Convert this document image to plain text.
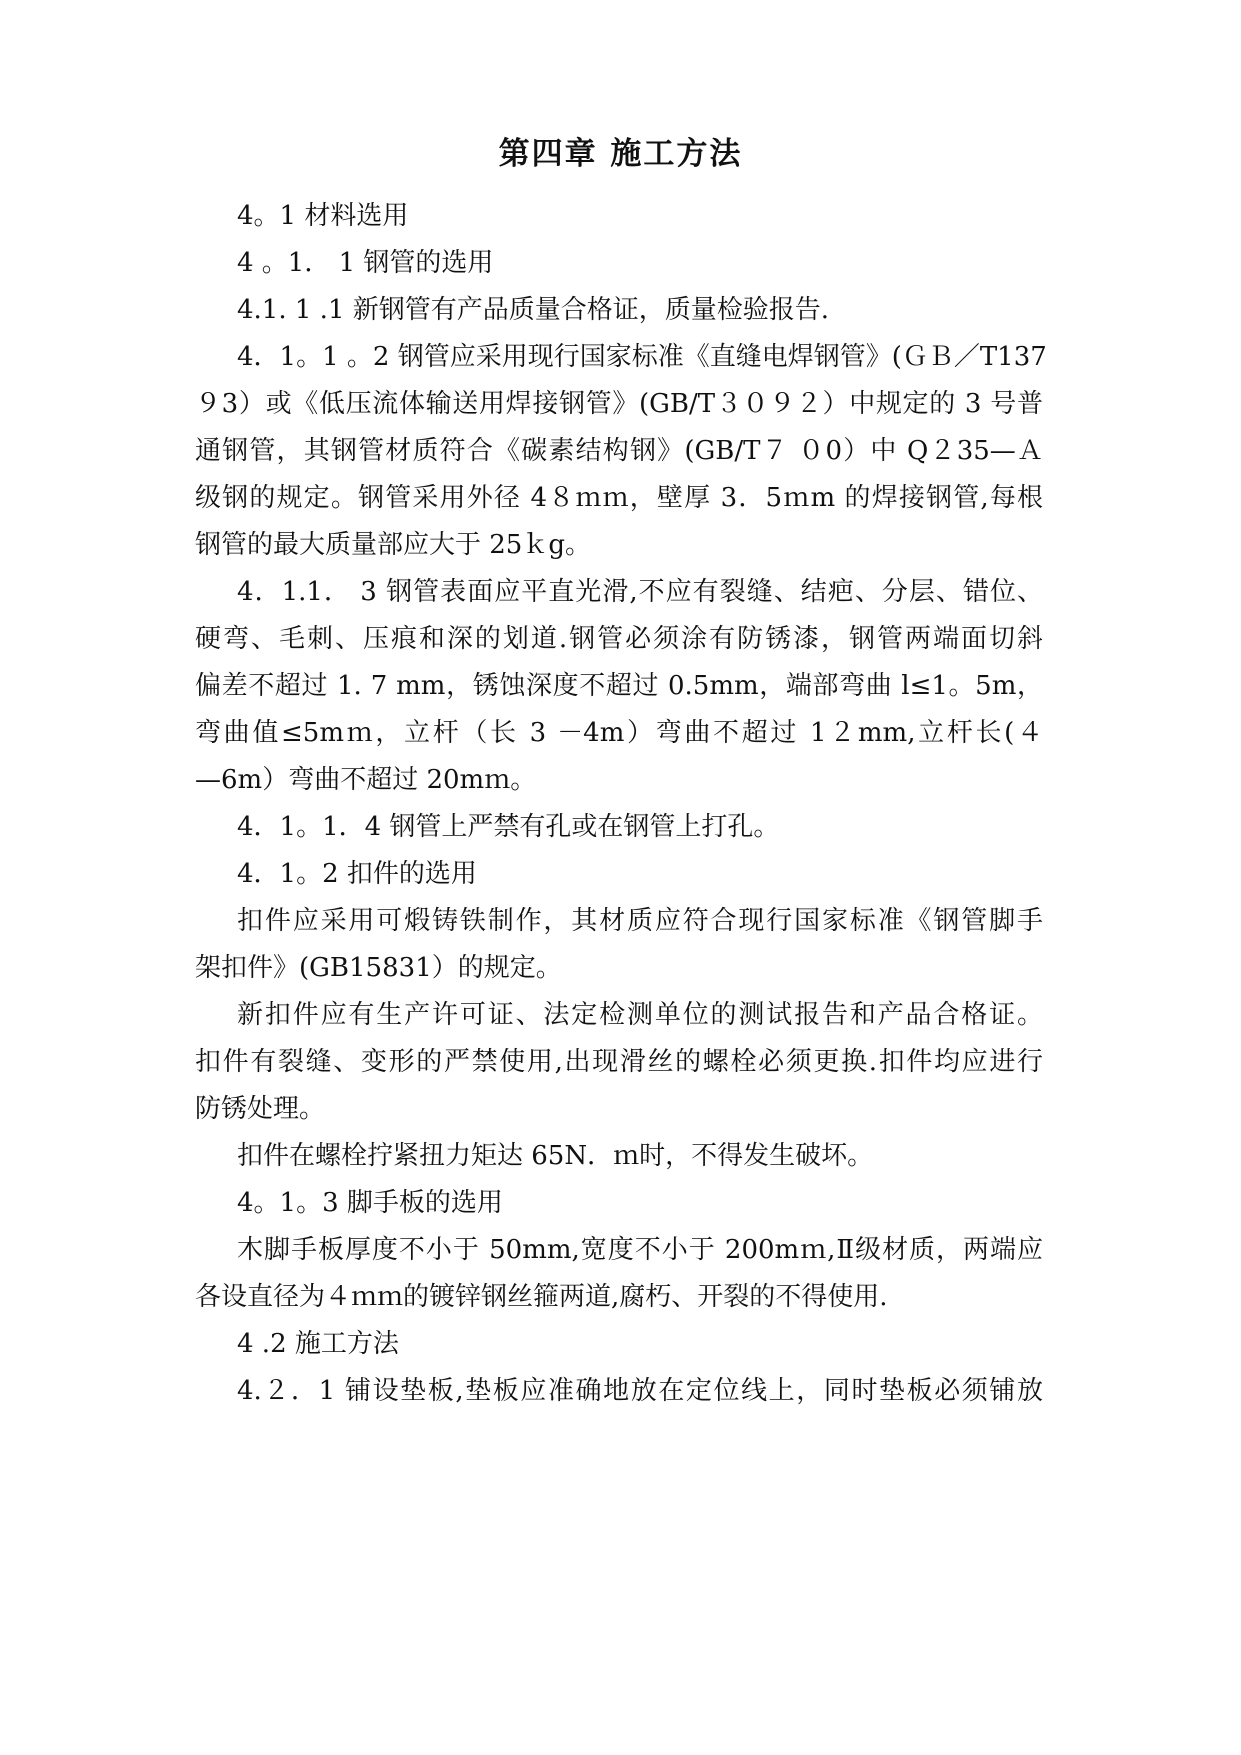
第四章 施工方法

4。1 材料选用

4 。1． 1 钢管的选用

4.1. 1 .1 新钢管有产品质量合格证，质量检验报告.

4．1。1 。2 钢管应采用现行国家标准《直缝电焊钢管》(ＧＢ／T137

９3）或《低压流体输送用焊接钢管》(GB/T３０９２）中规定的 3 号普

通钢管，其钢管材质符合《碳素结构钢》(GB/T７ ０0）中 Q２35—Ａ

级钢的规定。钢管采用外径 4８ｍｍ，壁厚 3．5ｍm 的焊接钢管,每根

钢管的最大质量部应大于 25ｋg。

4．1.1． 3 钢管表面应平直光滑,不应有裂缝、结疤、分层、错位、

硬弯、毛刺、压痕和深的划道.钢管必须涂有防锈漆，钢管两端面切斜

偏差不超过 1. 7 mm，锈蚀深度不超过 0.5mm，端部弯曲 l≤1。5m，

弯曲值≤5mｍ，立杆（长 3 －4m）弯曲不超过 1２mm,立杆长(４

—6m）弯曲不超过 20mｍ。

4．1。1．4 钢管上严禁有孔或在钢管上打孔。

4．1。2 扣件的选用

扣件应采用可煅铸铁制作，其材质应符合现行国家标准《钢管脚手

架扣件》(GB15831）的规定。

新扣件应有生产许可证、法定检测单位的测试报告和产品合格证。

扣件有裂缝、变形的严禁使用,出现滑丝的螺栓必须更换.扣件均应进行

防锈处理。

扣件在螺栓拧紧扭力矩达 65N．ｍ时，不得发生破坏。

4。1。3 脚手板的选用

木脚手板厚度不小于 50mm,宽度不小于 200mｍ,Ⅱ级材质，两端应

各设直径为４ｍｍ的镀锌钢丝箍两道,腐朽、开裂的不得使用.

4 .2 施工方法

4.２．1 铺设垫板,垫板应准确地放在定位线上，同时垫板必须铺放
